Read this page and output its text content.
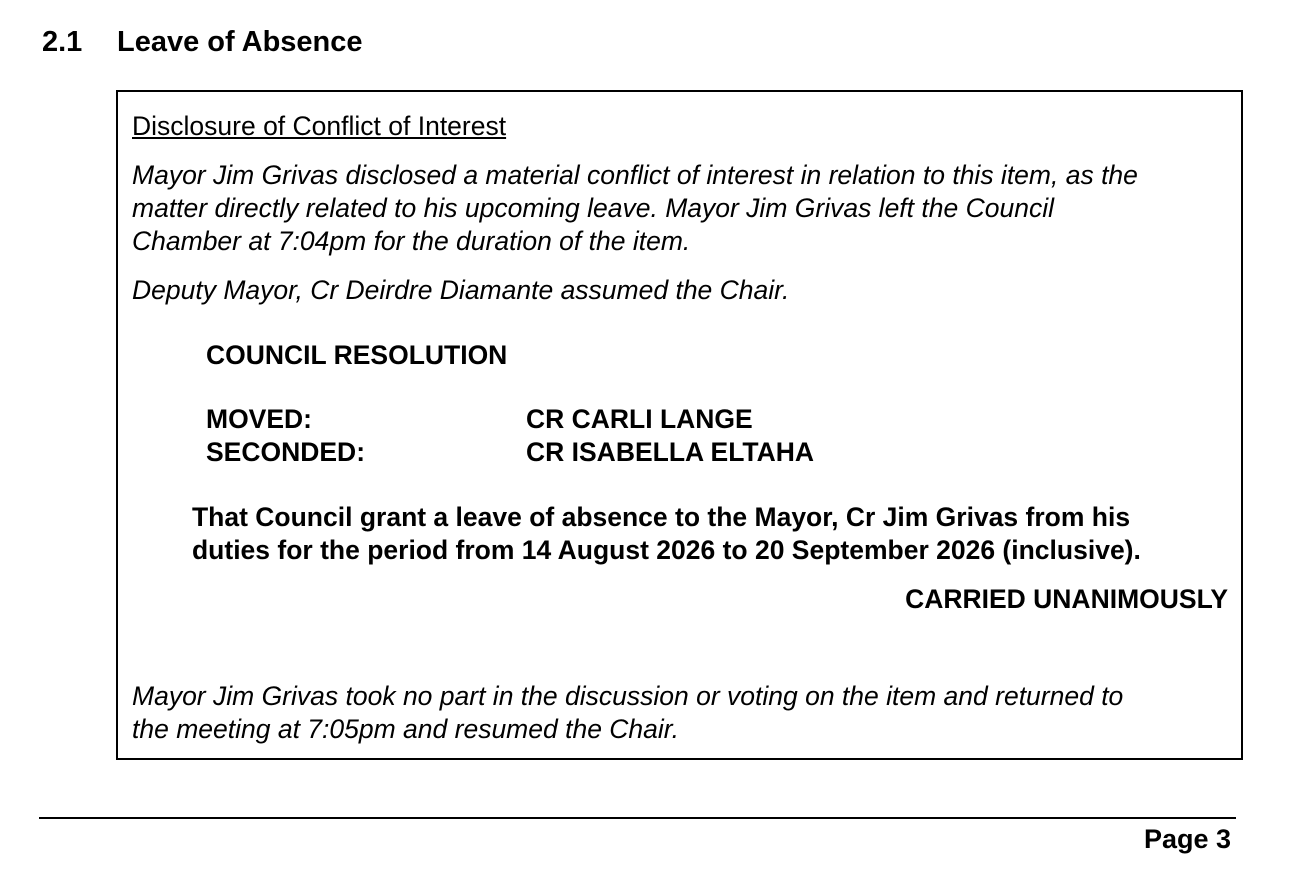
2.1 Leave of Absence
Disclosure of Conflict of Interest
Mayor Jim Grivas disclosed a material conflict of interest in relation to this item, as the
matter directly related to his upcoming leave. Mayor Jim Grivas left the Council
Chamber at 7:04pm for the duration of the item.
Deputy Mayor, Cr Deirdre Diamante assumed the Chair.
COUNCIL RESOLUTION
MOVED:	CR CARLI LANGE
SECONDED:	CR ISABELLA ELTAHA
That Council grant a leave of absence to the Mayor, Cr Jim Grivas from his
duties for the period from 14 August 2026 to 20 September 2026 (inclusive).
CARRIED UNANIMOUSLY
Mayor Jim Grivas took no part in the discussion or voting on the item and returned to
the meeting at 7:05pm and resumed the Chair.
Page 3
